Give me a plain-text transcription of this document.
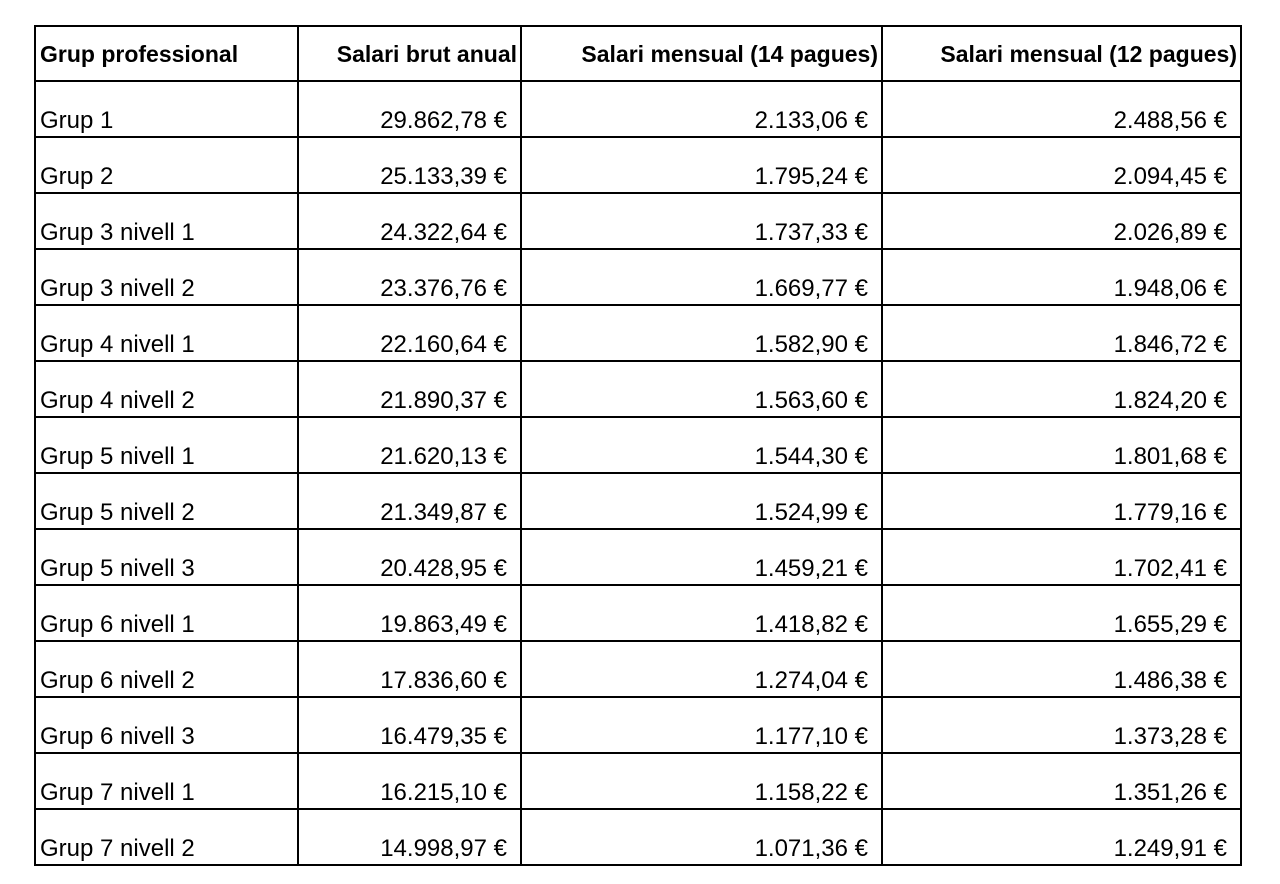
Grup professional	Salari brut anual	Salari mensual (14 pagues)	Salari mensual (12 pagues)
Grup 1	29.862,78 €	2.133,06 €	2.488,56 €
Grup 2	25.133,39 €	1.795,24 €	2.094,45 €
Grup 3 nivell 1	24.322,64 €	1.737,33 €	2.026,89 €
Grup 3 nivell 2	23.376,76 €	1.669,77 €	1.948,06 €
Grup 4 nivell 1	22.160,64 €	1.582,90 €	1.846,72 €
Grup 4 nivell 2	21.890,37 €	1.563,60 €	1.824,20 €
Grup 5 nivell 1	21.620,13 €	1.544,30 €	1.801,68 €
Grup 5 nivell 2	21.349,87 €	1.524,99 €	1.779,16 €
Grup 5 nivell 3	20.428,95 €	1.459,21 €	1.702,41 €
Grup 6 nivell 1	19.863,49 €	1.418,82 €	1.655,29 €
Grup 6 nivell 2	17.836,60 €	1.274,04 €	1.486,38 €
Grup 6 nivell 3	16.479,35 €	1.177,10 €	1.373,28 €
Grup 7 nivell 1	16.215,10 €	1.158,22 €	1.351,26 €
Grup 7 nivell 2	14.998,97 €	1.071,36 €	1.249,91 €
